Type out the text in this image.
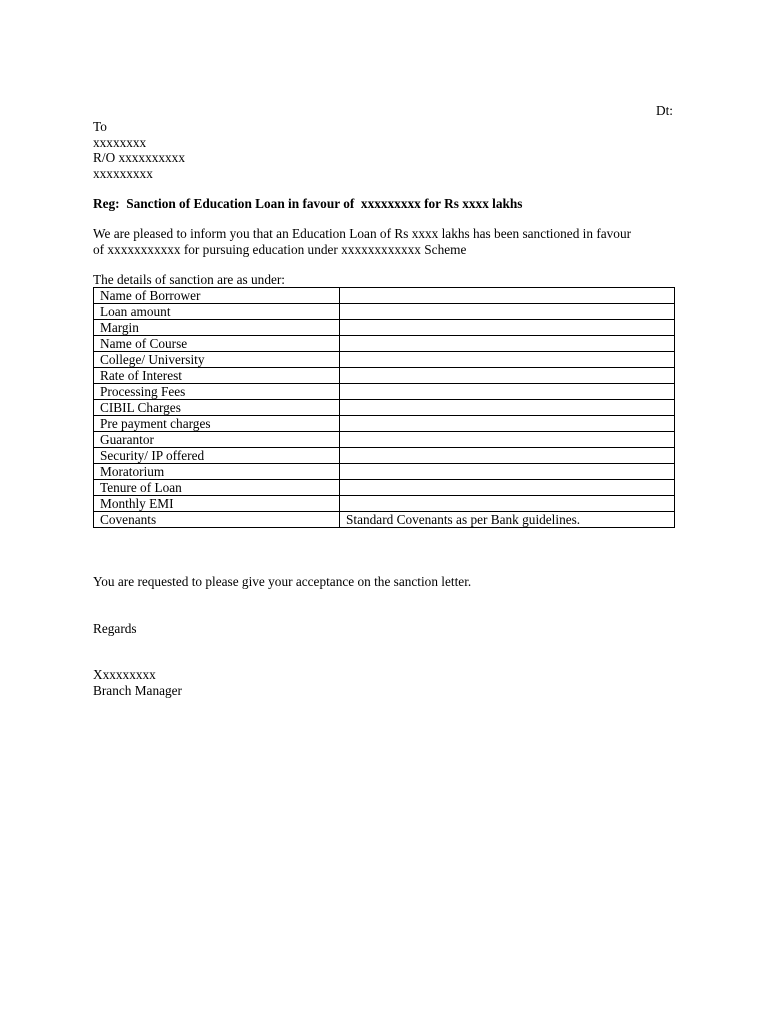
Dt:
To
xxxxxxxx
R/O xxxxxxxxxx
xxxxxxxxx
Reg:  Sanction of Education Loan in favour of  xxxxxxxxx for Rs xxxx lakhs
We are pleased to inform you that an Education Loan of Rs xxxx lakhs has been sanctioned in favour
of xxxxxxxxxxx for pursuing education under xxxxxxxxxxxx Scheme
The details of sanction are as under:
Name of Borrower	
Loan amount	
Margin	
Name of Course	
College/ University	
Rate of Interest	
Processing Fees	
CIBIL Charges	
Pre payment charges	
Guarantor	
Security/ IP offered	
Moratorium	
Tenure of Loan	
Monthly EMI	
Covenants	Standard Covenants as per Bank guidelines.
You are requested to please give your acceptance on the sanction letter.
Regards
Xxxxxxxxx
Branch Manager
